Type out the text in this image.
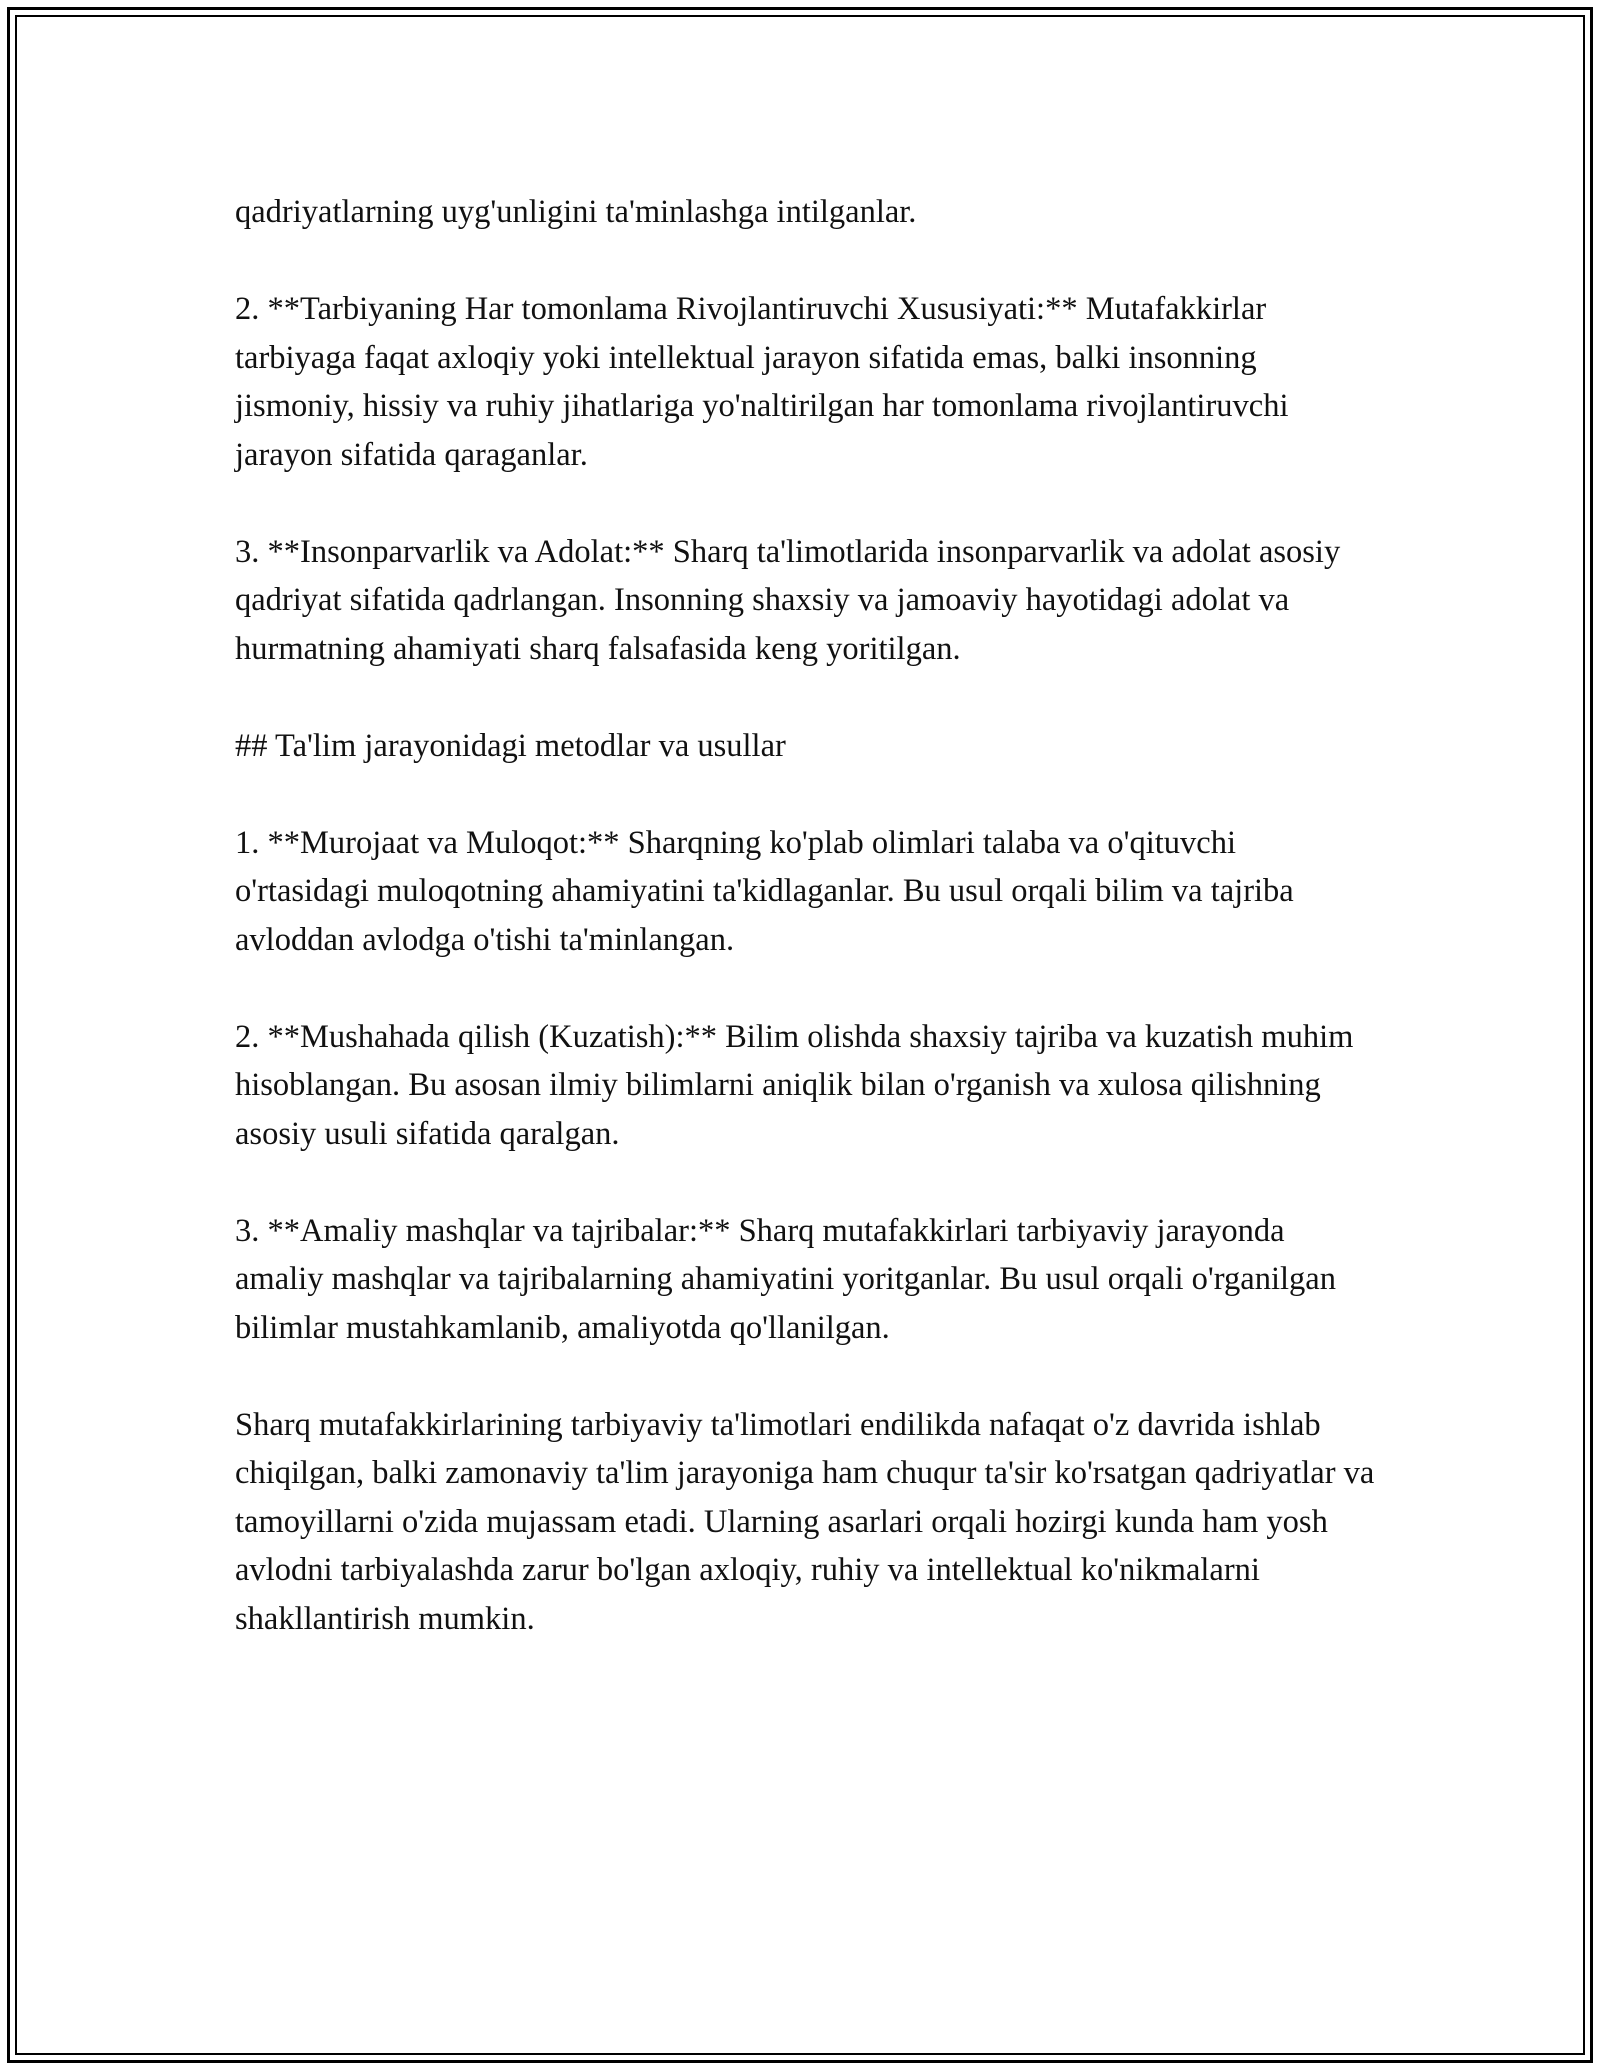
qadriyatlarning uyg'unligini ta'minlashga intilganlar.

2. **Tarbiyaning Har tomonlama Rivojlantiruvchi Xususiyati:** Mutafakkirlar tarbiyaga faqat axloqiy yoki intellektual jarayon sifatida emas, balki insonning jismoniy, hissiy va ruhiy jihatlariga yo'naltirilgan har tomonlama rivojlantiruvchi jarayon sifatida qaraganlar.

3. **Insonparvarlik va Adolat:** Sharq ta'limotlarida insonparvarlik va adolat asosiy qadriyat sifatida qadrlangan. Insonning shaxsiy va jamoaviy hayotidagi adolat va hurmatning ahamiyati sharq falsafasida keng yoritilgan.

## Ta'lim jarayonidagi metodlar va usullar

1. **Murojaat va Muloqot:** Sharqning ko'plab olimlari talaba va o'qituvchi o'rtasidagi muloqotning ahamiyatini ta'kidlaganlar. Bu usul orqali bilim va tajriba avloddan avlodga o'tishi ta'minlangan.

2. **Mushahada qilish (Kuzatish):** Bilim olishda shaxsiy tajriba va kuzatish muhim hisoblangan. Bu asosan ilmiy bilimlarni aniqlik bilan o'rganish va xulosa qilishning asosiy usuli sifatida qaralgan.

3. **Amaliy mashqlar va tajribalar:** Sharq mutafakkirlari tarbiyaviy jarayonda amaliy mashqlar va tajribalarning ahamiyatini yoritganlar. Bu usul orqali o'rganilgan bilimlar mustahkamlanib, amaliyotda qo'llanilgan.

Sharq mutafakkirlarining tarbiyaviy ta'limotlari endilikda nafaqat o'z davrida ishlab chiqilgan, balki zamonaviy ta'lim jarayoniga ham chuqur ta'sir ko'rsatgan qadriyatlar va tamoyillarni o'zida mujassam etadi. Ularning asarlari orqali hozirgi kunda ham yosh avlodni tarbiyalashda zarur bo'lgan axloqiy, ruhiy va intellektual ko'nikmalarni shakllantirish mumkin.
